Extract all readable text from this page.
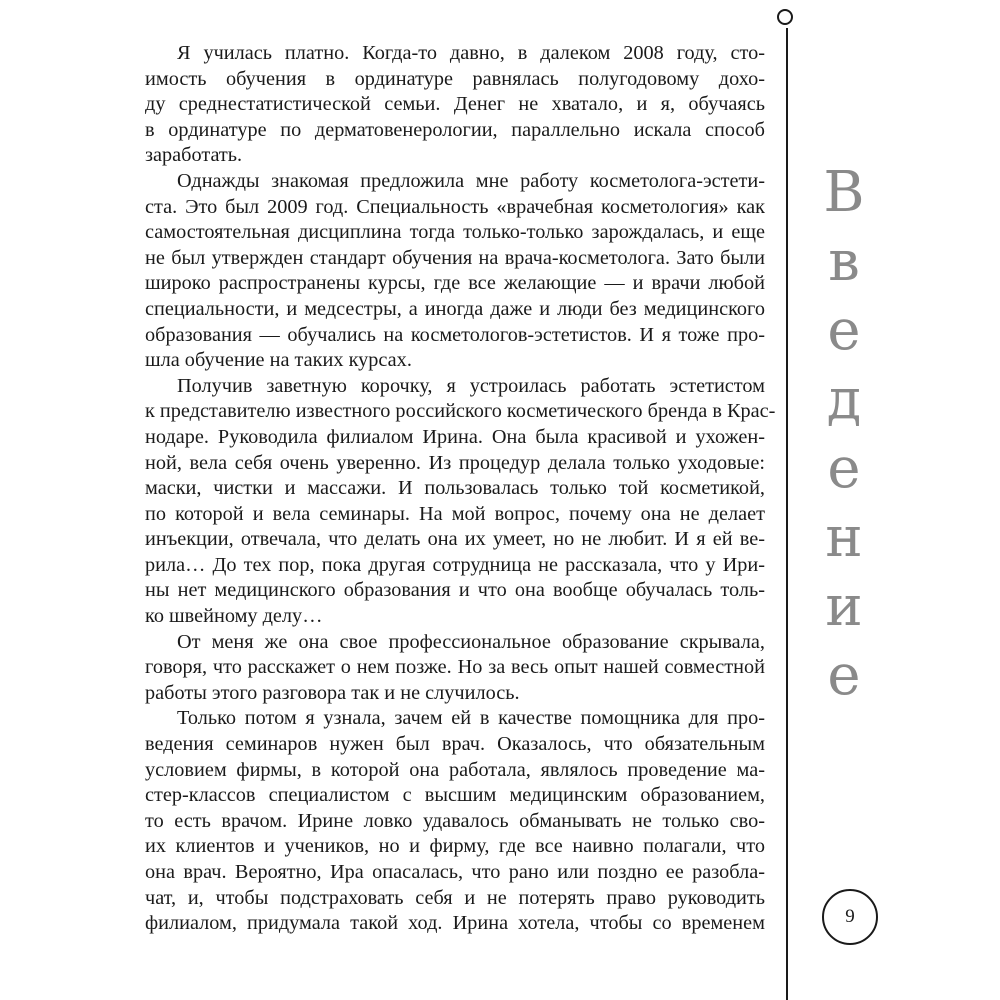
Я училась платно. Когда-то давно, в далеком 2008 году, сто-
имость обучения в ординатуре равнялась полугодовому дохо-
ду среднестатистической семьи. Денег не хватало, и я, обучаясь
в ординатуре по дерматовенерологии, параллельно искала способ
заработать.
Однажды знакомая предложила мне работу косметолога-эстети-
ста. Это был 2009 год. Специальность «врачебная косметология» как
самостоятельная дисциплина тогда только-только зарождалась, и еще
не был утвержден стандарт обучения на врача-косметолога. Зато были
широко распространены курсы, где все желающие — и врачи любой
специальности, и медсестры, а иногда даже и люди без медицинского
образования — обучались на косметологов-эстетистов. И я тоже про-
шла обучение на таких курсах.
Получив заветную корочку, я устроилась работать эстетистом
к представителю известного российского косметического бренда в Крас-
нодаре. Руководила филиалом Ирина. Она была красивой и ухожен-
ной, вела себя очень уверенно. Из процедур делала только уходовые:
маски, чистки и массажи. И пользовалась только той косметикой,
по которой и вела семинары. На мой вопрос, почему она не делает
инъекции, отвечала, что делать она их умеет, но не любит. И я ей ве-
рила… До тех пор, пока другая сотрудница не рассказала, что у Ири-
ны нет медицинского образования и что она вообще обучалась толь-
ко швейному делу…
От меня же она свое профессиональное образование скрывала,
говоря, что расскажет о нем позже. Но за весь опыт нашей совместной
работы этого разговора так и не случилось.
Только потом я узнала, зачем ей в качестве помощника для про-
ведения семинаров нужен был врач. Оказалось, что обязательным
условием фирмы, в которой она работала, являлось проведение ма-
стер-классов специалистом с высшим медицинским образованием,
то есть врачом. Ирине ловко удавалось обманывать не только сво-
их клиентов и учеников, но и фирму, где все наивно полагали, что
она врач. Вероятно, Ира опасалась, что рано или поздно ее разобла-
чат, и, чтобы подстраховать себя и не потерять право руководить
филиалом, придумала такой ход. Ирина хотела, чтобы со временем
В
в
е
д
е
н
и
е
9
